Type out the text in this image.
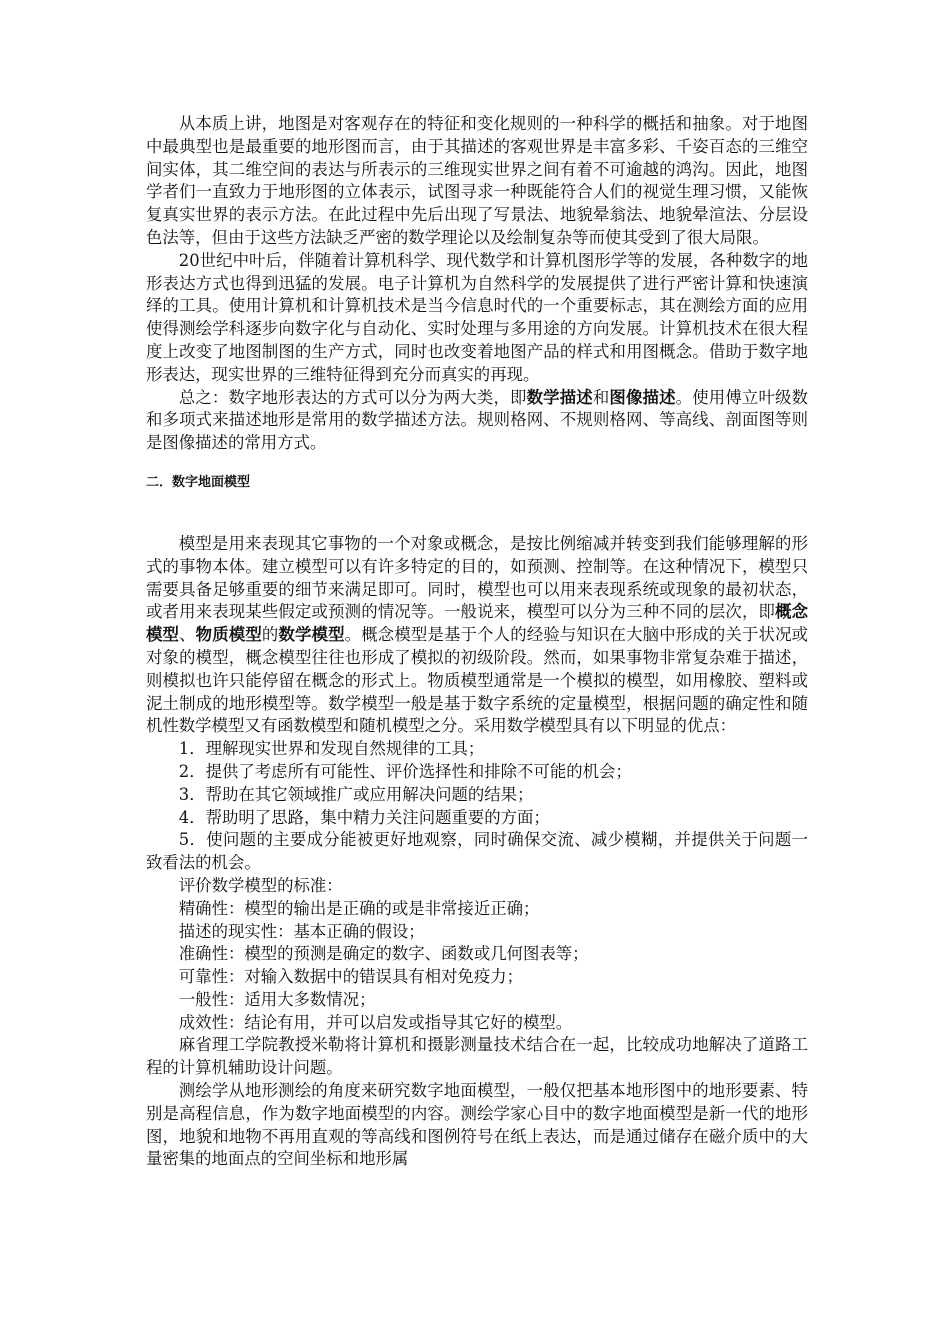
从本质上讲，地图是对客观存在的特征和变化规则的一种科学的概括和抽象。对于地图中最典型也是最重要的地形图而言，由于其描述的客观世界是丰富多彩、千姿百态的三维空间实体，其二维空间的表达与所表示的三维现实世界之间有着不可逾越的鸿沟。因此，地图学者们一直致力于地形图的立体表示，试图寻求一种既能符合人们的视觉生理习惯，又能恢复真实世界的表示方法。在此过程中先后出现了写景法、地貌晕翁法、地貌晕渲法、分层设色法等，但由于这些方法缺乏严密的数学理论以及绘制复杂等而使其受到了很大局限。

20世纪中叶后，伴随着计算机科学、现代数学和计算机图形学等的发展，各种数字的地形表达方式也得到迅猛的发展。电子计算机为自然科学的发展提供了进行严密计算和快速演绎的工具。使用计算机和计算机技术是当今信息时代的一个重要标志，其在测绘方面的应用使得测绘学科逐步向数字化与自动化、实时处理与多用途的方向发展。计算机技术在很大程度上改变了地图制图的生产方式，同时也改变着地图产品的样式和用图概念。借助于数字地形表达，现实世界的三维特征得到充分而真实的再现。

总之：数字地形表达的方式可以分为两大类，即数学描述和图像描述。使用傅立叶级数和多项式来描述地形是常用的数学描述方法。规则格网、不规则格网、等高线、剖面图等则是图像描述的常用方式。

二．数字地面模型

模型是用来表现其它事物的一个对象或概念，是按比例缩减并转变到我们能够理解的形式的事物本体。建立模型可以有许多特定的目的，如预测、控制等。在这种情况下，模型只需要具备足够重要的细节来满足即可。同时，模型也可以用来表现系统或现象的最初状态，或者用来表现某些假定或预测的情况等。一般说来，模型可以分为三种不同的层次，即概念模型、物质模型的数学模型。概念模型是基于个人的经验与知识在大脑中形成的关于状况或对象的模型，概念模型往往也形成了模拟的初级阶段。然而，如果事物非常复杂难于描述，则模拟也许只能停留在概念的形式上。物质模型通常是一个模拟的模型，如用橡胶、塑料或泥土制成的地形模型等。数学模型一般是基于数字系统的定量模型，根据问题的确定性和随机性数学模型又有函数模型和随机模型之分。采用数学模型具有以下明显的优点：

1．理解现实世界和发现自然规律的工具；

2．提供了考虑所有可能性、评价选择性和排除不可能的机会；

3．帮助在其它领域推广或应用解决问题的结果；

4．帮助明了思路，集中精力关注问题重要的方面；

5．使问题的主要成分能被更好地观察，同时确保交流、减少模糊，并提供关于问题一致看法的机会。

评价数学模型的标准：

精确性：模型的输出是正确的或是非常接近正确；

描述的现实性：基本正确的假设；

准确性：模型的预测是确定的数字、函数或几何图表等；

可靠性：对输入数据中的错误具有相对免疫力；

一般性：适用大多数情况；

成效性：结论有用，并可以启发或指导其它好的模型。

麻省理工学院教授米勒将计算机和摄影测量技术结合在一起，比较成功地解决了道路工程的计算机辅助设计问题。

测绘学从地形测绘的角度来研究数字地面模型，一般仅把基本地形图中的地形要素、特别是高程信息，作为数字地面模型的内容。测绘学家心目中的数字地面模型是新一代的地形图，地貌和地物不再用直观的等高线和图例符号在纸上表达，而是通过储存在磁介质中的大量密集的地面点的空间坐标和地形属
